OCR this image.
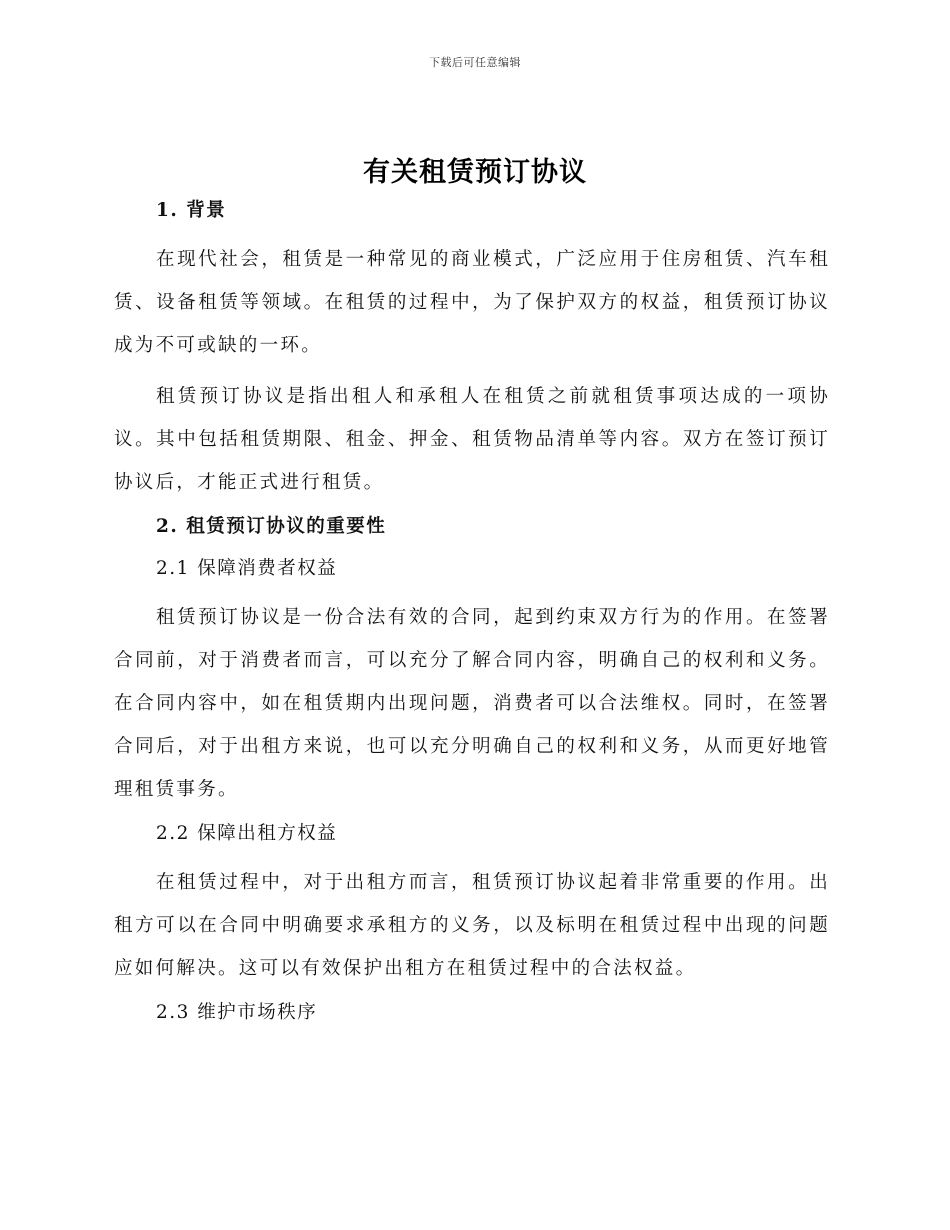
下载后可任意编辑
有关租赁预订协议
1. 背景

在现代社会，租赁是一种常见的商业模式，广泛应用于住房租赁、汽车租赁、设备租赁等领域。在租赁的过程中，为了保护双方的权益，租赁预订协议成为不可或缺的一环。

租赁预订协议是指出租人和承租人在租赁之前就租赁事项达成的一项协议。其中包括租赁期限、租金、押金、租赁物品清单等内容。双方在签订预订协议后，才能正式进行租赁。

2. 租赁预订协议的重要性
2.1 保障消费者权益

租赁预订协议是一份合法有效的合同，起到约束双方行为的作用。在签署合同前，对于消费者而言，可以充分了解合同内容，明确自己的权利和义务。在合同内容中，如在租赁期内出现问题，消费者可以合法维权。同时，在签署合同后，对于出租方来说，也可以充分明确自己的权利和义务，从而更好地管理租赁事务。

2.2 保障出租方权益

在租赁过程中，对于出租方而言，租赁预订协议起着非常重要的作用。出租方可以在合同中明确要求承租方的义务，以及标明在租赁过程中出现的问题应如何解决。这可以有效保护出租方在租赁过程中的合法权益。

2.3 维护市场秩序
